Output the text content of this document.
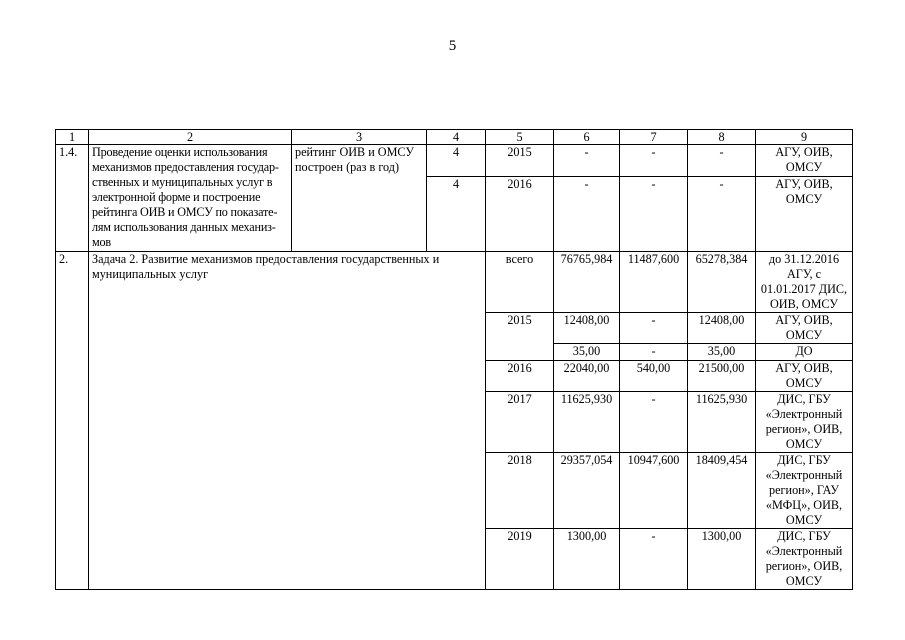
5
1	2	3	4	5	6	7	8	9
1.4.	Проведение оценки использования механизмов предоставления государ-ственных и муниципальных услуг в электронной форме и построение рейтинга ОИВ и ОМСУ по показате-лям использования данных механиз-мов	рейтинг ОИВ и ОМСУ построен (раз в год)	4	2015	-	-	-	АГУ, ОИВ, ОМСУ
			4	2016	-	-	-	АГУ, ОИВ, ОМСУ
2.	Задача 2. Развитие механизмов предоставления государственных и муниципальных услуг			всего	76765,984	11487,600	65278,384	до 31.12.2016 АГУ, с 01.01.2017 ДИС, ОИВ, ОМСУ
				2015	12408,00	-	12408,00	АГУ, ОИВ, ОМСУ
					35,00	-	35,00	ДО
				2016	22040,00	540,00	21500,00	АГУ, ОИВ, ОМСУ
				2017	11625,930	-	11625,930	ДИС, ГБУ «Электронный регион», ОИВ, ОМСУ
				2018	29357,054	10947,600	18409,454	ДИС, ГБУ «Электронный регион», ГАУ «МФЦ», ОИВ, ОМСУ
				2019	1300,00	-	1300,00	ДИС, ГБУ «Электронный регион», ОИВ, ОМСУ
